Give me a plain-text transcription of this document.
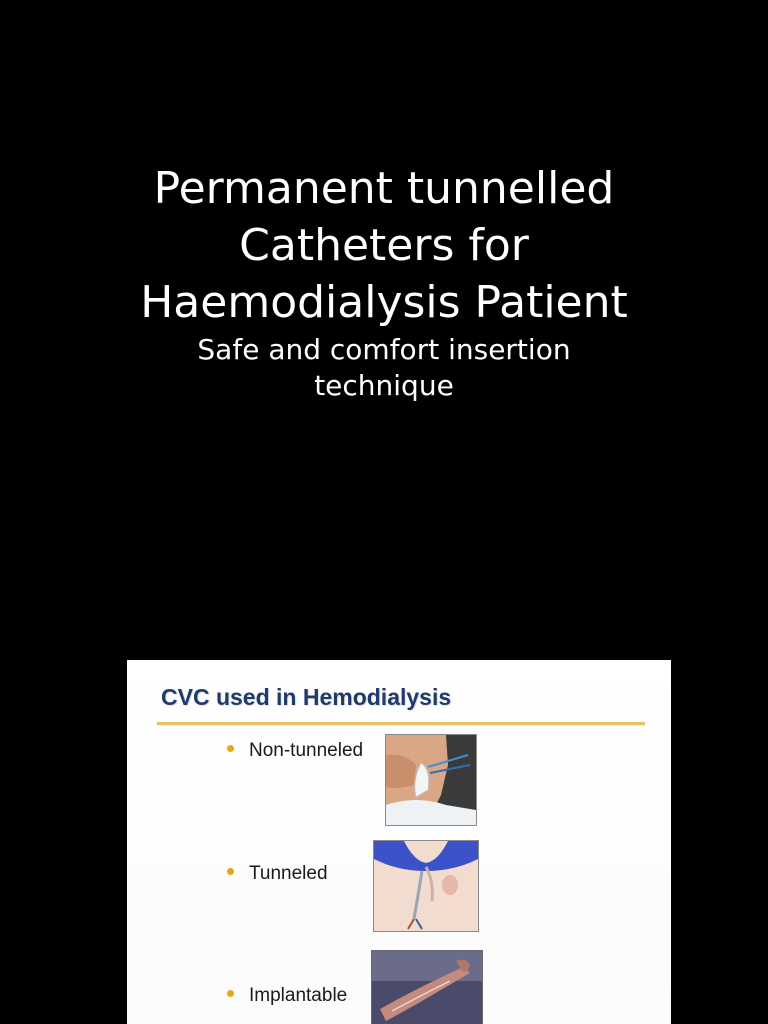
Permanent tunnelled
Catheters for
Haemodialysis Patient

Safe and comfort insertion
technique

CVC used in Hemodialysis
Non-tunneled
Tunneled
Implantable
